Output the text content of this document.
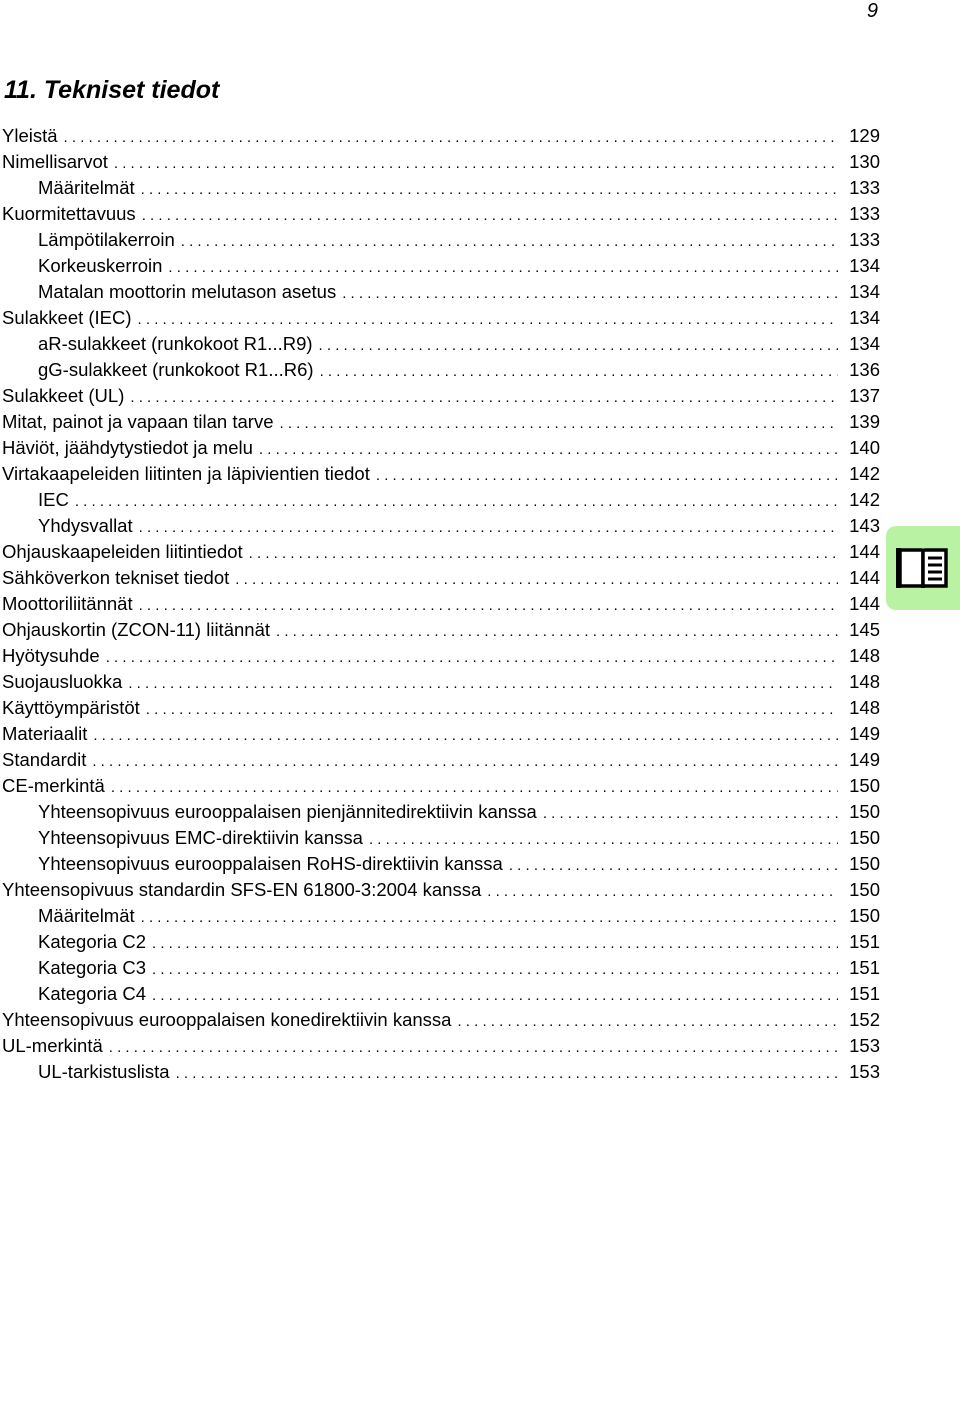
9
11. Tekniset tiedot
Yleistä . . .	129
Nimellisarvot . . .	130
Määritelmät . . .	133
Kuormitettavuus . . .	133
Lämpötilakerroin . . .	133
Korkeuskerroin . . .	134
Matalan moottorin melutason asetus . . .	134
Sulakkeet (IEC) . . .	134
aR-sulakkeet (runkokoot R1...R9) . . .	134
gG-sulakkeet (runkokoot R1...R6) . . .	136
Sulakkeet (UL) . . .	137
Mitat, painot ja vapaan tilan tarve . . .	139
Häviöt, jäähdytystiedot ja melu . . .	140
Virtakaapeleiden liitinten ja läpivientien tiedot . . .	142
IEC . . .	142
Yhdysvallat . . .	143
Ohjauskaapeleiden liitintiedot . . .	144
Sähköverkon tekniset tiedot . . .	144
Moottoriliitännät . . .	144
Ohjauskortin (ZCON-11) liitännät . . .	145
Hyötysuhde . . .	148
Suojausluokka . . .	148
Käyttöympäristöt . . .	148
Materiaalit . . .	149
Standardit . . .	149
CE-merkintä . . .	150
Yhteensopivuus eurooppalaisen pienjännitedirektiivin kanssa . . .	150
Yhteensopivuus EMC-direktiivin kanssa . . .	150
Yhteensopivuus eurooppalaisen RoHS-direktiivin kanssa . . .	150
Yhteensopivuus standardin SFS-EN 61800-3:2004 kanssa . . .	150
Määritelmät . . .	150
Kategoria C2 . . .	151
Kategoria C3 . . .	151
Kategoria C4 . . .	151
Yhteensopivuus eurooppalaisen konedirektiivin kanssa . . .	152
UL-merkintä . . .	153
UL-tarkistuslista . . .	153
